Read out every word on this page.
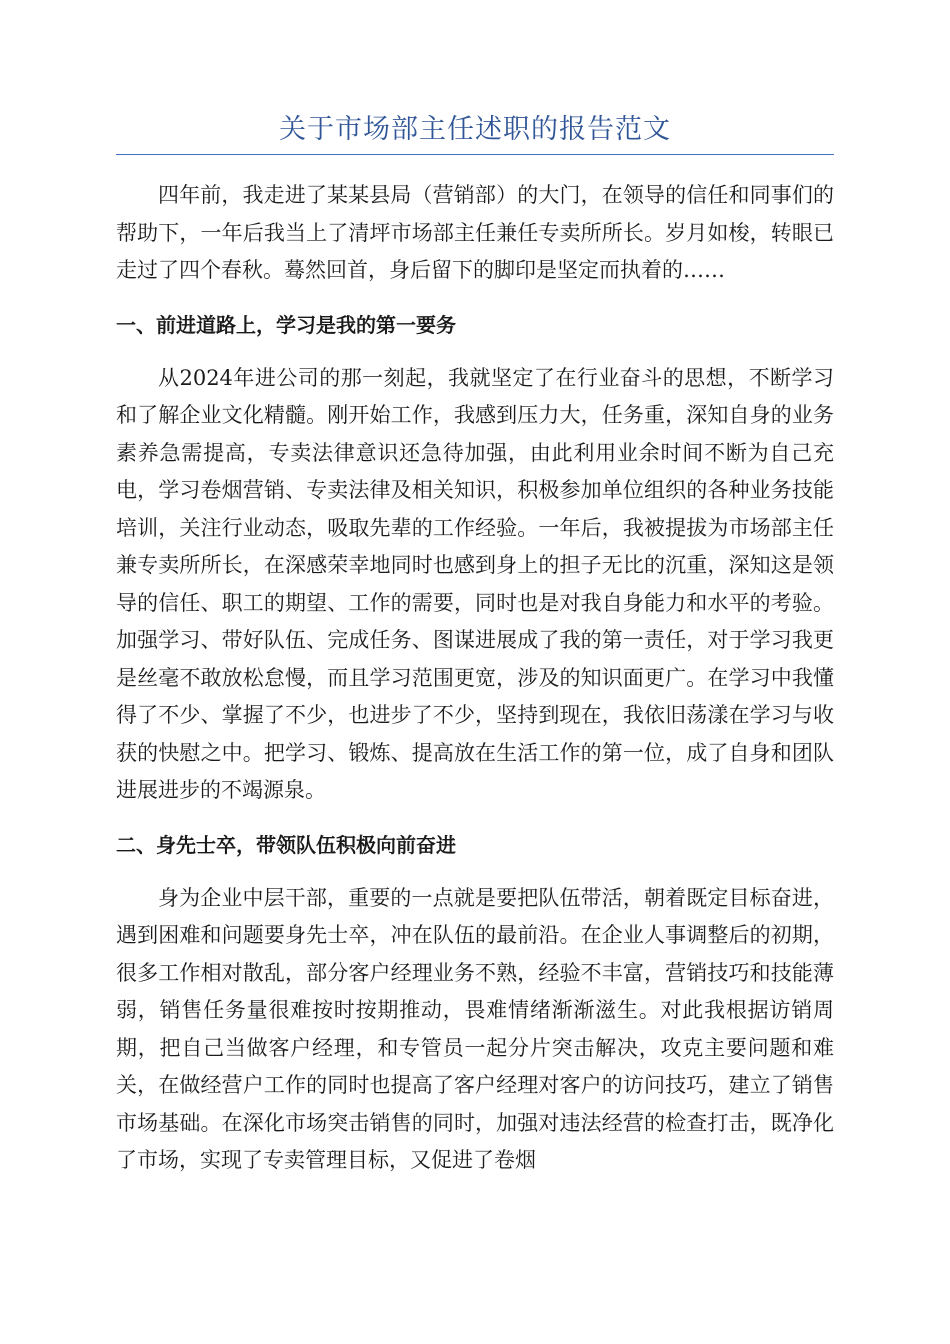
关于市场部主任述职的报告范文

四年前，我走进了某某县局（营销部）的大门，在领导的信任和同事们的帮助下，一年后我当上了清坪市场部主任兼任专卖所所长。岁月如梭，转眼已走过了四个春秋。蓦然回首，身后留下的脚印是坚定而执着的……

一、前进道路上，学习是我的第一要务

从2024年进公司的那一刻起，我就坚定了在行业奋斗的思想，不断学习和了解企业文化精髓。刚开始工作，我感到压力大，任务重，深知自身的业务素养急需提高，专卖法律意识还急待加强，由此利用业余时间不断为自己充电，学习卷烟营销、专卖法律及相关知识，积极参加单位组织的各种业务技能培训，关注行业动态，吸取先辈的工作经验。一年后，我被提拔为市场部主任兼专卖所所长，在深感荣幸地同时也感到身上的担子无比的沉重，深知这是领导的信任、职工的期望、工作的需要，同时也是对我自身能力和水平的考验。加强学习、带好队伍、完成任务、图谋进展成了我的第一责任，对于学习我更是丝毫不敢放松怠慢，而且学习范围更宽，涉及的知识面更广。在学习中我懂得了不少、掌握了不少，也进步了不少，坚持到现在，我依旧荡漾在学习与收获的快慰之中。把学习、锻炼、提高放在生活工作的第一位，成了自身和团队进展进步的不竭源泉。

二、身先士卒，带领队伍积极向前奋进

身为企业中层干部，重要的一点就是要把队伍带活，朝着既定目标奋进，遇到困难和问题要身先士卒，冲在队伍的最前沿。在企业人事调整后的初期，很多工作相对散乱，部分客户经理业务不熟，经验不丰富，营销技巧和技能薄弱，销售任务量很难按时按期推动，畏难情绪渐渐滋生。对此我根据访销周期，把自己当做客户经理，和专管员一起分片突击解决，攻克主要问题和难关，在做经营户工作的同时也提高了客户经理对客户的访问技巧，建立了销售市场基础。在深化市场突击销售的同时，加强对违法经营的检查打击，既净化了市场，实现了专卖管理目标，又促进了卷烟
